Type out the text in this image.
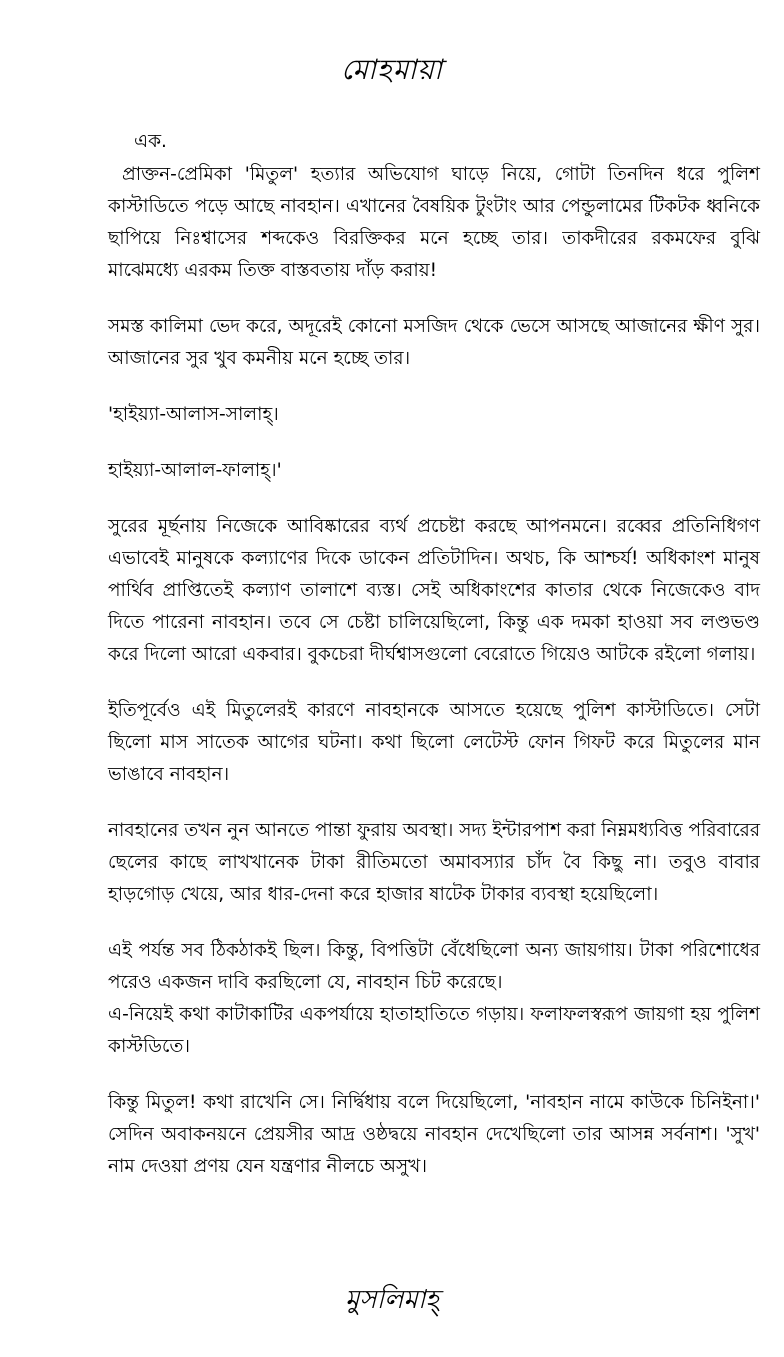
মোহমায়া
এক.

প্রাক্তন-প্রেমিকা 'মিতুল' হত্যার অভিযোগ ঘাড়ে নিয়ে, গোটা তিনদিন ধরে পুলিশ কাস্টাডিতে পড়ে আছে নাবহান। এখানের বৈষয়িক টুংটাং আর পেন্ডুলামের টিকটক ধ্বনিকে ছাপিয়ে নিঃশ্বাসের শব্দকেও বিরক্তিকর মনে হচ্ছে তার। তাকদীরের রকমফের বুঝি মাঝেমধ্যে এরকম তিক্ত বাস্তবতায় দাঁড় করায়!

সমস্ত কালিমা ভেদ করে, অদূরেই কোনো মসজিদ থেকে ভেসে আসছে আজানের ক্ষীণ সুর। আজানের সুর খুব কমনীয় মনে হচ্ছে তার।

'হাইয়্যা-আলাস-সালাহ্।

হাইয়্যা-আলাল-ফালাহ্।'

সুরের মূর্ছনায় নিজেকে আবিষ্কারের ব্যর্থ প্রচেষ্টা করছে আপনমনে। রব্বের প্রতিনিধিগণ এভাবেই মানুষকে কল্যাণের দিকে ডাকেন প্রতিটাদিন। অথচ, কি আশ্চর্য! অধিকাংশ মানুষ পার্থিব প্রাপ্তিতেই কল্যাণ তালাশে ব্যস্ত। সেই অধিকাংশের কাতার থেকে নিজেকেও বাদ দিতে পারেনা নাবহান। তবে সে চেষ্টা চালিয়েছিলো, কিন্তু এক দমকা হাওয়া সব লণ্ডভণ্ড করে দিলো আরো একবার। বুকচেরা দীর্ঘশ্বাসগুলো বেরোতে গিয়েও আটকে রইলো গলায়।

ইতিপূর্বেও এই মিতুলেরই কারণে নাবহানকে আসতে হয়েছে পুলিশ কাস্টাডিতে। সেটা ছিলো মাস সাতেক আগের ঘটনা। কথা ছিলো লেটেস্ট ফোন গিফট করে মিতুলের মান ভাঙাবে নাবহান।

নাবহানের তখন নুন আনতে পান্তা ফুরায় অবস্থা। সদ্য ইন্টারপাশ করা নিম্নমধ্যবিত্ত পরিবারের ছেলের কাছে লাখখানেক টাকা রীতিমতো অমাবস্যার চাঁদ বৈ কিছু না। তবুও বাবার হাড়গোড় খেয়ে, আর ধার-দেনা করে হাজার ষাটেক টাকার ব্যবস্থা হয়েছিলো।

এই পর্যন্ত সব ঠিকঠাকই ছিল। কিন্তু, বিপত্তিটা বেঁধেছিলো অন্য জায়গায়। টাকা পরিশোধের পরেও একজন দাবি করছিলো যে, নাবহান চিট করেছে।

এ-নিয়েই কথা কাটাকাটির একপর্যায়ে হাতাহাতিতে গড়ায়। ফলাফলস্বরূপ জায়গা হয় পুলিশ কাস্টডিতে।

কিন্তু মিতুল! কথা রাখেনি সে। নির্দ্বিধায় বলে দিয়েছিলো, 'নাবহান নামে কাউকে চিনিইনা।' সেদিন অবাকনয়নে প্রেয়সীর আদ্র ওষ্ঠদ্বয়ে নাবহান দেখেছিলো তার আসন্ন সর্বনাশ। 'সুখ' নাম দেওয়া প্রণয় যেন যন্ত্রণার নীলচে অসুখ।

মুসলিমাহ্
